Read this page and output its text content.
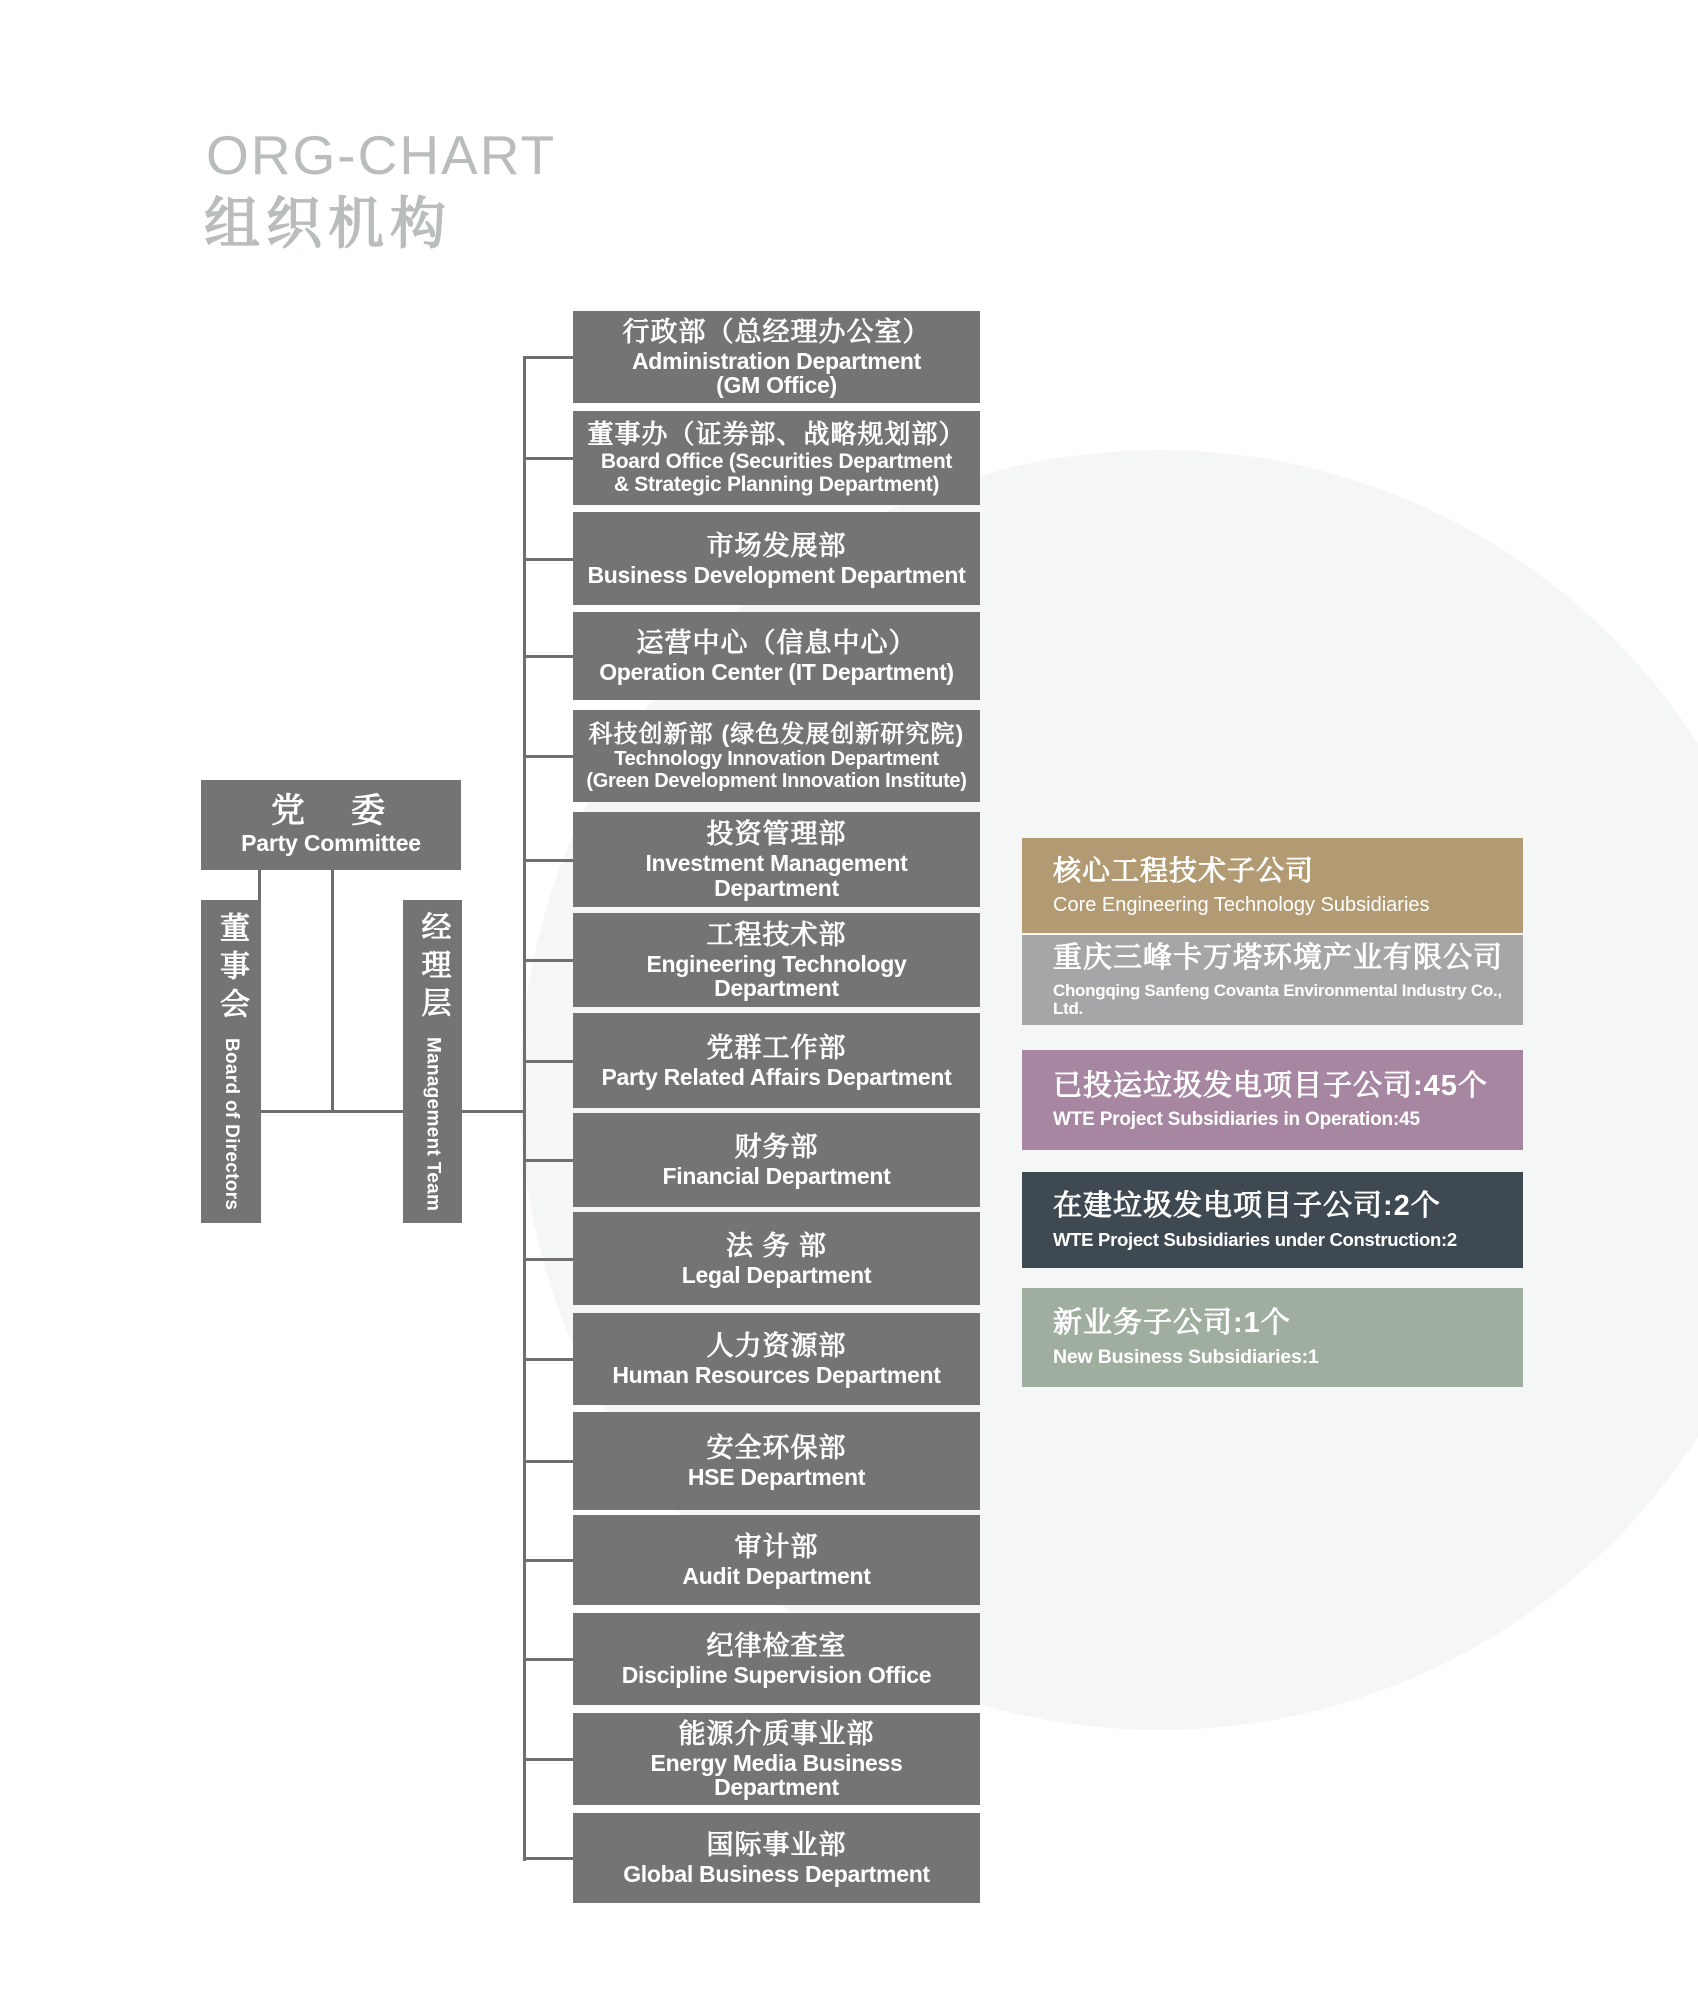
ORG-CHART
组织机构
党　委
Party Committee
董事会Board of Directors
经理层Management Team
行政部（总经理办公室）
Administration Department
(GM Office)
董事办（证券部、战略规划部）
Board Office (Securities Department
& Strategic Planning Department)
市场发展部
Business Development Department
运营中心（信息中心）
Operation Center (IT Department)
科技创新部 (绿色发展创新研究院)
Technology Innovation Department
(Green Development Innovation Institute)
投资管理部
Investment Management
Department
工程技术部
Engineering Technology
Department
党群工作部
Party Related Affairs Department
财务部
Financial Department
法 务 部
Legal Department
人力资源部
Human Resources Department
安全环保部
HSE Department
审计部
Audit Department
纪律检查室
Discipline Supervision Office
能源介质事业部
Energy Media Business
Department
国际事业部
Global Business Department
核心工程技术子公司
Core Engineering Technology Subsidiaries
重庆三峰卡万塔环境产业有限公司
Chongqing Sanfeng Covanta Environmental Industry Co., Ltd.
已投运垃圾发电项目子公司:45个
WTE Project Subsidiaries in Operation:45
在建垃圾发电项目子公司:2个
WTE Project Subsidiaries under Construction:2
新业务子公司:1个
New Business Subsidiaries:1
